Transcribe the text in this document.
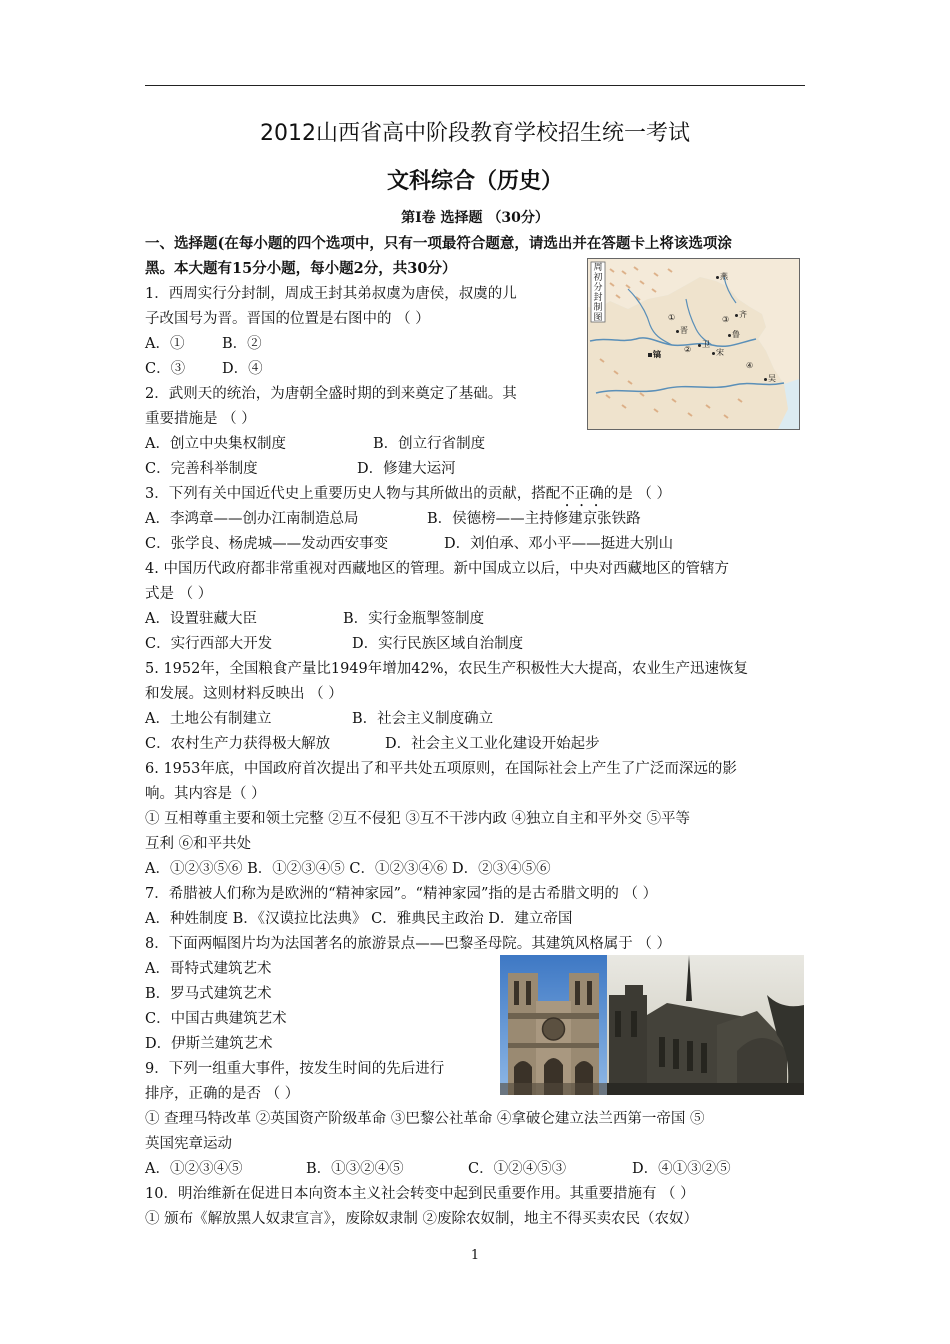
2012山西省高中阶段教育学校招生统一考试
文科综合（历史）
第I卷 选择题 （30分）
一、选择题(在每小题的四个选项中，只有一项最符合题意，请选出并在答题卡上将该选项涂
黑。本大题有15分小题，每小题2分，共30分）
1．西周实行分封制，周成王封其弟叔虞为唐侯，叔虞的儿
子改国号为晋。晋国的位置是右图中的 （ ）
A．①	B．②
C．③	D．④
周
初
分
封
制
图
燕
齐
晋	鲁
宋
卫
镐
吴
①
②
③
④
2．武则天的统治，为唐朝全盛时期的到来奠定了基础。其
重要措施是 （ ）
A．创立中央集权制度	B．创立行省制度
C．完善科举制度	D．修建大运河
3．下列有关中国近代史上重要历史人物与其所做出的贡献，搭配不正确的是 （ ）
A．李鸿章——创办江南制造总局	B．侯德榜——主持修建京张铁路
C．张学良、杨虎城——发动西安事变	D．刘伯承、邓小平——挺进大别山
4. 中国历代政府都非常重视对西藏地区的管理。新中国成立以后，中央对西藏地区的管辖方
式是 （ ）
A．设置驻藏大臣	B．实行金瓶掣签制度
C．实行西部大开发	D．实行民族区域自治制度
5. 1952年，全国粮食产量比1949年增加42%，农民生产积极性大大提高，农业生产迅速恢复
和发展。这则材料反映出 （ ）
A．土地公有制建立	B．社会主义制度确立
C．农村生产力获得极大解放	D．社会主义工业化建设开始起步
6. 1953年底，中国政府首次提出了和平共处五项原则，在国际社会上产生了广泛而深远的影
响。其内容是（ ）
① 互相尊重主要和领土完整 ②互不侵犯 ③互不干涉内政 ④独立自主和平外交 ⑤平等
互利 ⑥和平共处
A．①②③⑤⑥ B．①②③④⑤ C．①②③④⑥ D．②③④⑤⑥
7．希腊被人们称为是欧洲的“精神家园”。“精神家园”指的是古希腊文明的 （ ）
A．种姓制度 B．《汉谟拉比法典》 C．雅典民主政治 D．建立帝国
8．下面两幅图片均为法国著名的旅游景点——巴黎圣母院。其建筑风格属于 （ ）
A．哥特式建筑艺术
B．罗马式建筑艺术
C．中国古典建筑艺术
D．伊斯兰建筑艺术
9．下列一组重大事件，按发生时间的先后进行
排序，正确的是否 （ ）
① 查理马特改革 ②英国资产阶级革命 ③巴黎公社革命 ④拿破仑建立法兰西第一帝国 ⑤
英国宪章运动
A．①②③④⑤	B．①③②④⑤	C．①②④⑤③	D．④①③②⑤
10．明治维新在促进日本向资本主义社会转变中起到民重要作用。其重要措施有 （ ）
① 颁布《解放黑人奴隶宣言》，废除奴隶制 ②废除农奴制，地主不得买卖农民（农奴）
1
